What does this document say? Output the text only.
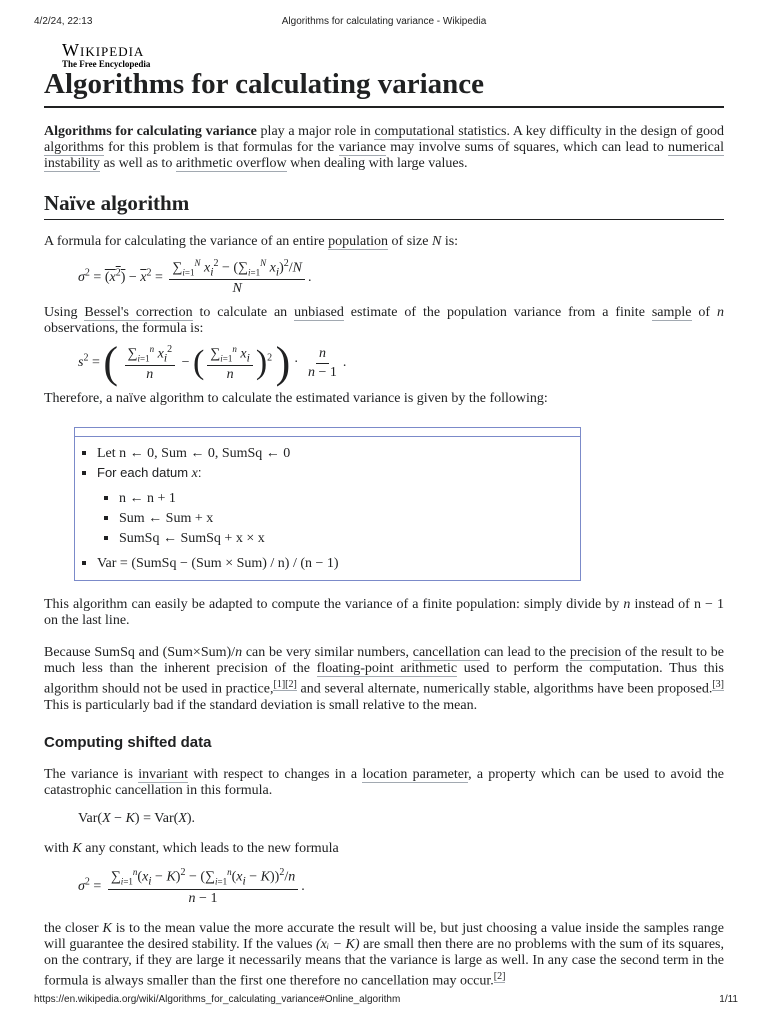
4/2/24, 22:13	Algorithms for calculating variance - Wikipedia
Wikipedia
The Free Encyclopedia
Algorithms for calculating variance

Algorithms for calculating variance play a major role in computational statistics. A key difficulty in the design of good algorithms for this problem is that formulas for the variance may involve sums of squares, which can lead to numerical instability as well as to arithmetic overflow when dealing with large values.

Naïve algorithm

A formula for calculating the variance of an entire population of size N is:

$\sigma^2 = (x^2) - \overline{x}^2 = \frac{\sum_{i=1}^N x_i^2 - (\sum_{i=1}^N x_i)^2/N}{N}$ .

Using Bessel's correction to calculate an unbiased estimate of the population variance from a finite sample of n observations, the formula is:

$s^2$ = ( $\frac{\sum_{i=1}^n x_i^2}{n}$ − ( $\frac{\sum_{i=1}^n x_i}{n} )^2$ ) · $\frac{n}{n - 1}$ .

Therefore, a naïve algorithm to calculate the estimated variance is given by the following:

▪ Let n ← 0, Sum ← 0, SumSq ← 0
▪ For each datum x:
▪ n ← n + 1
▪ Sum ← Sum + x
▪ SumSq ← SumSq + x × x
▪ Var = (SumSq − (Sum × Sum) / n) / (n − 1)

This algorithm can easily be adapted to compute the variance of a finite population: simply divide by n instead of n − 1 on the last line.

Because SumSq and (Sum×Sum)/n can be very similar numbers, cancellation can lead to the precision of the result to be much less than the inherent precision of the floating-point arithmetic used to perform the computation. Thus this algorithm should not be used in practice,[1][2] and several alternate, numerically stable, algorithms have been proposed.[3] This is particularly bad if the standard deviation is small relative to the mean.

Computing shifted data

The variance is invariant with respect to changes in a location parameter, a property which can be used to avoid the catastrophic cancellation in this formula.

Var(X − K) = Var(X).

with K any constant, which leads to the new formula

$\sigma^2 = \frac{\sum_{i=1}^n(x_i - K)^2 - (\sum_{i=1}^n(x_i - K))^2/n}{n - 1}$ .

the closer K is to the mean value the more accurate the result will be, but just choosing a value inside the samples range will guarantee the desired stability. If the values (xᵢ − K) are small then there are no problems with the sum of its squares, on the contrary, if they are large it necessarily means that the variance is large as well. In any case the second term in the formula is always smaller than the first one therefore no cancellation may occur.[2]

https://en.wikipedia.org/wiki/Algorithms_for_calculating_variance#Online_algorithm	1/11
